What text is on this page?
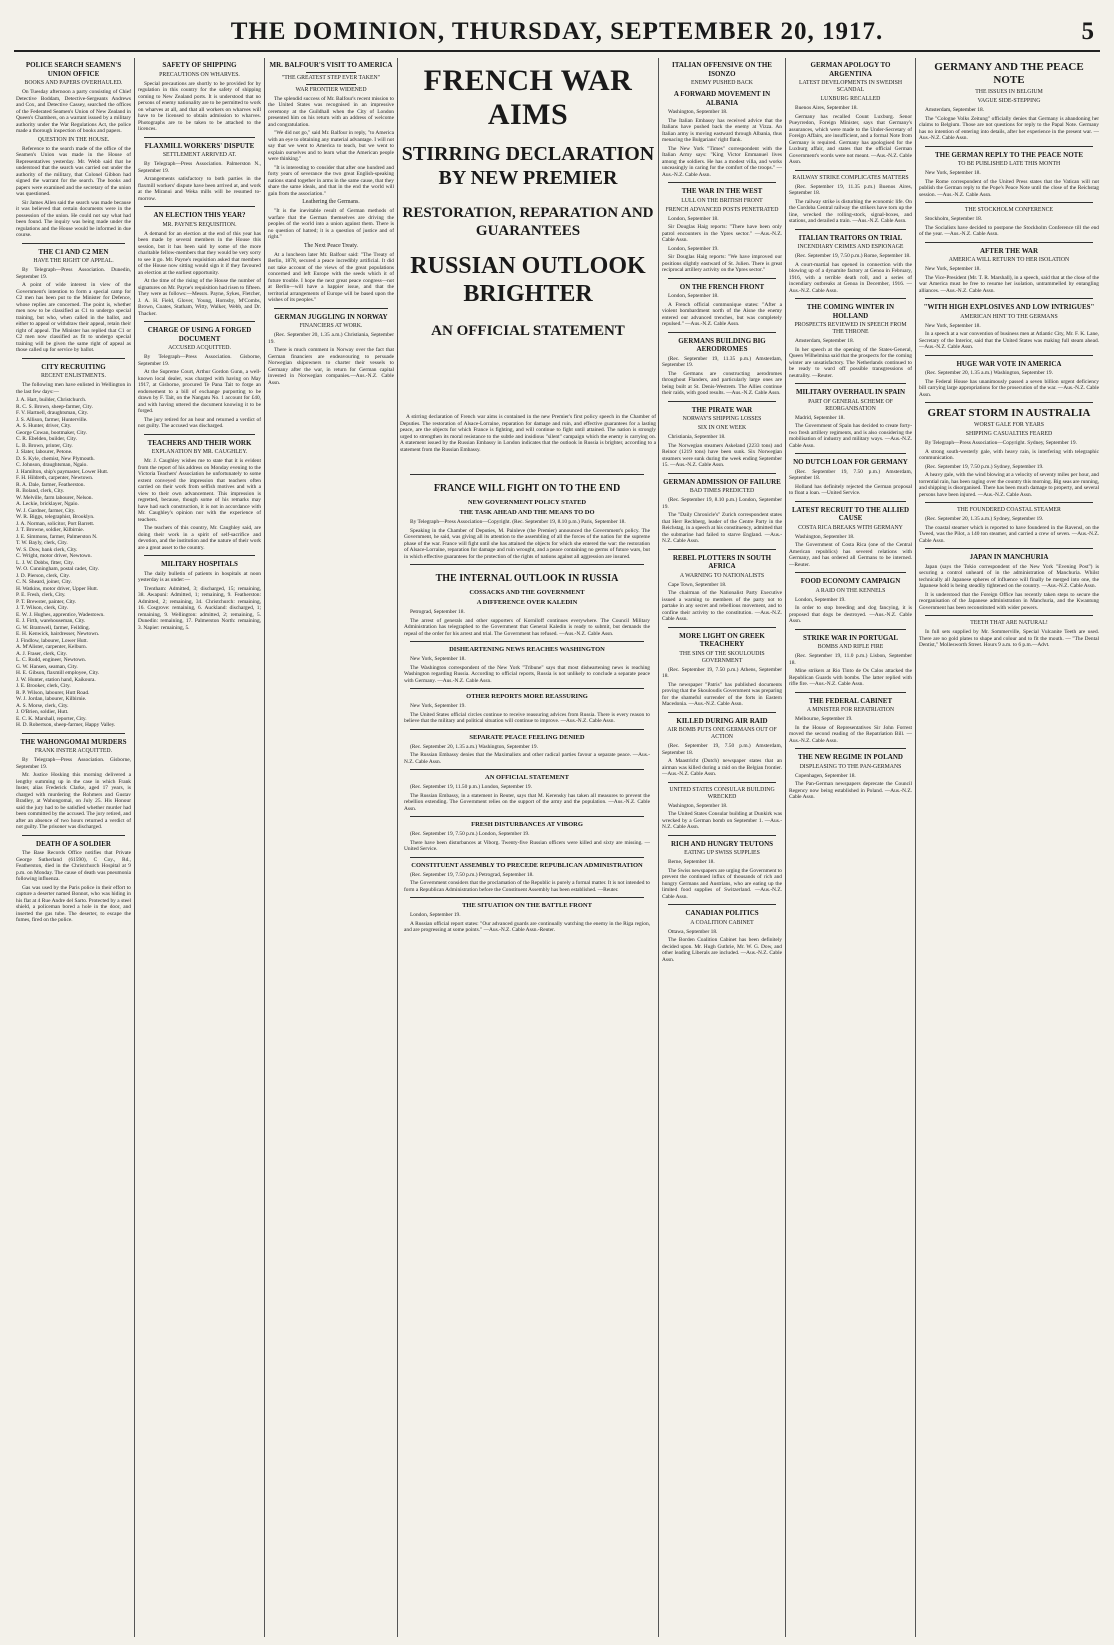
THE DOMINION, THURSDAY, SEPTEMBER 20, 1917.	5
POLICE SEARCH SEAMEN'S UNION OFFICE
BOOKS AND PAPERS OVERHAULED.

On Tuesday afternoon a party consisting of Chief Detective Boddam, Detective-Sergeants Andrews and Cox, and Detective Cassey, searched the offices of the Federated Seamen's Union of New Zealand in Queen's Chambers, on a warrant issued by a military authority under the War Regulations Act, the police made a thorough inspection of books and papers.

QUESTION IN THE HOUSE.

Reference to the search made of the office of the Seamen's Union was made in the House of Representatives yesterday. Mr. Webb said that he understood that the search was carried out under the authority of the military, that Colonel Gibbon had signed the warrant for the search. The books and papers were examined and the secretary of the union was questioned.

Sir James Allen said the search was made because it was believed that certain documents were in the possession of the union. He could not say what had been found. The inquiry was being made under the regulations and the House would be informed in due course.

THE C1 AND C2 MEN
HAVE THE RIGHT OF APPEAL.

By Telegraph—Press Association. Dunedin, September 19.

A point of wide interest in view of the Government's intention to form a special camp for C2 men has been put to the Minister for Defence, whose replies are concerned. The point is, whether men now to be classified as C1 to undergo special training, but who, when called in the ballot, and either to appeal or withdraw their appeal, retain their right of appeal. The Minister has replied that C1 or C2 men now classified as fit to undergo special training will be given the same right of appeal as those called up for service by ballot.

CITY RECRUITING
RECENT ENLISTMENTS.

The following men have enlisted in Wellington in the last few days:—

J. A. Hart, builder, Christchurch.

R. C. S. Brown, sheep-farmer, City.

F. V. Hartnell, draughtsman, City.

J. S. Allison, farmer, Hunterville.

A. S. Hunter, driver, City.

George Cowan, bootmaker, City.

C. R. Ebelden, builder, City.

L. B. Brown, printer, City.

J. Slater, labourer, Petone.

D. S. Kyle, chemist, New Plymouth.

C. Johnson, draughtsman, Ngaio.

J. Hamilton, ship's paymaster, Lower Hutt.

F. H. Hildreth, carpenter, Newtown.

R. A. Dale, farmer, Featherston.

R. Boland, clerk, City.

W. Melville, farm labourer, Nelson.

A. Leckie, bricklayer, Ngaio.

W. J. Gardner, farmer, City.

W. R. Biggs, telegraphist, Brooklyn.

J. A. Norman, solicitor, Port Barrett.

J. T. Browne, soldier, Kilbirnie.

J. E. Simmons, farmer, Palmerston N.

T. W. Bayly, clerk, City.

W. S. Dow, bank clerk, City.

C. Wright, motor driver, Newtown.

L. J. W. Dobbs, fitter, City.

W. O. Cunningham, postal cadet, City.

J. D. Pierson, clerk, City.

C. N. Sheard, joiner, City.

H. Watkins, motor driver, Upper Hutt.

P. E. Fresh, clerk, City.

P. T. Brewster, painter, City.

J. T. Wilson, clerk, City.

E. W. J. Hughes, apprentice, Wadestown.

E. J. Firth, warehouseman, City.

G. W. Bramwell, farmer, Feilding.

E. H. Kenwick, hairdresser, Newtown.

J. Findlow, labourer, Lower Hutt.

A. M'Alister, carpenter, Kelburn.

A. J. Fraser, clerk, City.

L. C. Rudd, engineer, Newtown.

G. W. Hansen, seaman, City.

H. E. Gibson, flaxmill employee, City.

J. W. Hunter, station hand, Kaikoura.

J. E. Brooker, clerk, City.

R. P. Wilson, labourer, Hutt Road.

W. J. Jordan, labourer, Kilbirnie.

A. S. Morse, clerk, City.

J. O'Brien, soldier, Hutt.

E. C. K. Marshall, reporter, City.

H. D. Robertson, sheep-farmer, Happy Valley.

THE WAHONGOMAI MURDERS
FRANK INSTER ACQUITTED.

By Telegraph—Press Association. Gisborne, September 19.

Mr. Justice Hosking this morning delivered a lengthy summing up in the case in which Frank Inster, alias Frederick Clarke, aged 17 years, is charged with murdering the Rohmers and Gustav Bradley, at Wahongomai, on July 25. His Honour said the jury had to be satisfied whether murder had been committed by the accused. The jury retired, and after an absence of two hours returned a verdict of not guilty. The prisoner was discharged.

DEATH OF A SOLDIER

The Base Records Office notifies that Private George Sutherland (61590), C Coy., Rd., Featherston, died in the Christchurch Hospital at 9 p.m. on Monday. The cause of death was pneumonia following influenza.

Gas was used by the Paris police in their effort to capture a deserter named Bonnot, who was hiding in his flat at 4 Rue Andre del Sarto. Protected by a steel shield, a policeman bored a hole in the door, and inserted the gas tube. The deserter, to escape the fumes, fired on the police.

SAFETY OF SHIPPING
PRECAUTIONS ON WHARVES.

Special precautions are shortly to be provided for by regulation in this country for the safety of shipping coming to New Zealand ports. It is understood that no persons of enemy nationality are to be permitted to work on wharves at all, and that all workers on wharves will have to be licensed to obtain admission to wharves. Photographs are to be taken to be attached to the licences.

FLAXMILL WORKERS' DISPUTE
SETTLEMENT ARRIVED AT.

By Telegraph—Press Association. Palmerston N., September 19.

Arrangements satisfactory to both parties in the flaxmill workers' dispute have been arrived at, and work at the Miranui and Weka mills will be resumed to-morrow.

AN ELECTION THIS YEAR?
MR. PAYNE'S REQUISITION.

A demand for an election at the end of this year has been made by several members in the House this session, but it has been said by some of the more charitable fellow-members that they would be very sorry to see it go. Mr. Payne's requisition asked that members of the House now sitting would sign it if they favoured an election at the earliest opportunity.

At the time of the rising of the House the number of signatures on Mr. Payne's requisition had risen to fifteen. They were as follows:—Messrs. Payne, Sykes, Fletcher, J. A. H. Field, Glover, Young, Hornsby, M'Combs, Brown, Coates, Statham, Witty, Walker, Webb, and Dr. Thacker.

CHARGE OF USING A FORGED DOCUMENT
ACCUSED ACQUITTED.

By Telegraph—Press Association. Gisborne, September 19.

At the Supreme Court, Arthur Gordon Gunn, a well-known local dealer, was charged with having on May 1917, at Gisborne, procured Te Pana Tait to forge an endorsement to a bill of exchange purporting to be drawn by F. Tait, on the Nangatu No. 1 account for £40, and with having uttered the document knowing it to be forged.

The jury retired for an hour and returned a verdict of not guilty. The accused was discharged.

TEACHERS AND THEIR WORK
EXPLANATION BY MR. CAUGHLEY.

Mr. J. Caughley wishes me to state that it is evident from the report of his address on Monday evening to the Victoria Teachers' Association he unfortunately to some extent conveyed the impression that teachers often carried on their work from selfish motives and with a view to their own advancement. This impression is regretted, because, though some of his remarks may have had such construction, it is not in accordance with Mr. Caughley's opinion nor with the experience of teachers.

The teachers of this country, Mr. Caughley said, are doing their work in a spirit of self-sacrifice and devotion, and the institution and the nature of their work are a great asset to the country.

MILITARY HOSPITALS

The daily bulletin of patients in hospitals at noon yesterday is as under:—

Trentham: Admitted, 3; discharged, 15; remaining, 38. Awapuni: Admitted, 1; remaining, 9. Featherston: Admitted, 2; remaining, 34. Christchurch: remaining, 16. Cosgrove: remaining, 6. Auckland: discharged, 1; remaining, 9. Wellington: admitted, 2; remaining, 5. Dunedin: remaining, 17. Palmerston North: remaining, 3. Napier: remaining, 5.

MR. BALFOUR'S VISIT TO AMERICA
"THE GREATEST STEP EVER TAKEN"
WAR FRONTIER WIDENED

The splendid success of Mr. Balfour's recent mission to the United States was recognised in an impressive ceremony at the Guildhall when the City of London presented him on his return with an address of welcome and congratulation.

"We did not go," said Mr. Balfour in reply, "to America with an eye to obtaining any material advantage. I will not say that we went to America to teach, but we went to explain ourselves and to learn what the American people were thinking."

"It is interesting to consider that after one hundred and forty years of severance the two great English-speaking nations stand together in arms in the same cause, that they share the same ideals, and that in the end the world will gain from the association."

Leathering the Germans.

"It is the inevitable result of German methods of warfare that the German themselves are driving the peoples of the world into a union against them. There is no question of hatred; it is a question of justice and of right."

The Next Peace Treaty.

At a luncheon later Mr. Balfour said: "The Treaty of Berlin, 1878, secured a peace incredibly artificial. It did not take account of the views of the great populations concerned and left Europe with the seeds which it of future trouble. I hope the next great peace congress—not at Berlin—will have a happier issue, and that the territorial arrangements of Europe will be based upon the wishes of its peoples."

GERMAN JUGGLING IN NORWAY
FINANCIERS AT WORK.

(Rec. September 20, 1.35 a.m.) Christiania, September 19.

There is much comment in Norway over the fact that German financiers are endeavouring to persuade Norwegian shipowners to charter their vessels to Germany after the war, in return for German capital invested in Norwegian companies.—Aus.-N.Z. Cable Assn.

FRENCH WAR AIMS
STIRRING DECLARATION BY NEW PREMIER
RESTORATION, REPARATION AND GUARANTEES
RUSSIAN OUTLOOK BRIGHTER
AN OFFICIAL STATEMENT

A stirring declaration of French war aims is contained in the new Premier's first policy speech in the Chamber of Deputies. The restoration of Alsace-Lorraine, reparation for damage and ruin, and effective guarantees for a lasting peace, are the objects for which France is fighting, and will continue to fight until attained. The nation is strongly urged to strengthen its moral resistance to the subtle and insidious "silent" campaign which the enemy is carrying on. A statement issued by the Russian Embassy in London indicates that the outlook in Russia is brighter, according to a statement from the Russian Embassy.

FRANCE WILL FIGHT ON TO THE END
NEW GOVERNMENT POLICY STATED
THE TASK AHEAD AND THE MEANS TO DO

By Telegraph—Press Association—Copyright. (Rec. September 19, 8.10 p.m.) Paris, September 18.

Speaking in the Chamber of Deputies, M. Painleve (the Premier) announced the Government's policy. The Government, he said, was giving all its attention to the assembling of all the forces of the nation for the supreme phase of the war. France will fight until she has attained the objects for which she entered the war: the restoration of Alsace-Lorraine, reparation for damage and ruin wrought, and a peace containing no germs of future wars, but in which effective guarantees for the protection of the rights of nations against all aggression are insured.

THE INTERNAL OUTLOOK IN RUSSIA
COSSACKS AND THE GOVERNMENT
A DIFFERENCE OVER KALEDIN

Petrograd, September 18.

The arrest of generals and other supporters of Korniloff continues everywhere. The Council Military Administration has telegraphed to the Government that General Kaledin is ready to submit, but demands the repeal of the order for his arrest and trial. The Government has refused. —Aus.-N.Z. Cable Assn.

DISHEARTENING NEWS REACHES WASHINGTON

New York, September 18.

The Washington correspondent of the New York "Tribune" says that most disheartening news is reaching Washington regarding Russia. According to official reports, Russia is not unlikely to conclude a separate peace with Germany. —Aus.-N.Z. Cable Assn.

OTHER REPORTS MORE REASSURING

New York, September 19.

The United States official circles continue to receive reassuring advices from Russia. There is every reason to believe that the military and political situation will continue to improve. —Aus.-N.Z. Cable Assn.

SEPARATE PEACE FEELING DENIED

(Rec. September 20, 1.35 a.m.) Washington, September 19.

The Russian Embassy denies that the Maximalists and other radical parties favour a separate peace. —Aus.-N.Z. Cable Assn.

AN OFFICIAL STATEMENT

(Rec. September 19, 11.50 p.m.) London, September 19.

The Russian Embassy, in a statement in Reuter, says that M. Kerensky has taken all measures to prevent the rebellion extending. The Government relies on the support of the army and the population. —Aus.-N.Z. Cable Assn.

FRESH DISTURBANCES AT VIBORG

(Rec. September 19, 7.50 p.m.) London, September 19.

There have been disturbances at Viborg. Twenty-five Russian officers were killed and sixty are missing. —United Service.

CONSTITUENT ASSEMBLY TO PRECEDE REPUBLICAN ADMINISTRATION

(Rec. September 19, 7.50 p.m.) Petrograd, September 18.

The Government considers that the proclamation of the Republic is purely a formal matter. It is not intended to form a Republican Administration before the Constituent Assembly has been established. —Reuter.

THE SITUATION ON THE BATTLE FRONT

London, September 19.

A Russian official report states: "Our advanced guards are continually watching the enemy in the Riga region, and are progressing at some points." —Aus.-N.Z. Cable Assn.-Reuter.

ITALIAN OFFENSIVE ON THE ISONZO
ENEMY PUSHED BACK
A FORWARD MOVEMENT IN ALBANIA

Washington, September 18.

The Italian Embassy has received advice that the Italians have pushed back the enemy at Vizza. An Italian army is moving eastward through Albania, thus menacing the Bulgarians' right flank.

The New York "Times" correspondent with the Italian Army says: "King Victor Emmanuel lives among the soldiers. He has a modest villa, and works unceasingly in caring for the comfort of the troops." —Aus.-N.Z. Cable Assn.

THE WAR IN THE WEST
LULL ON THE BRITISH FRONT
FRENCH ADVANCED POSTS PENETRATED

London, September 18.

Sir Douglas Haig reports: "There have been only patrol encounters in the Ypres sector." —Aus.-N.Z. Cable Assn.

London, September 19.

Sir Douglas Haig reports: "We have improved our positions slightly eastward of St. Julien. There is great reciprocal artillery activity on the Ypres sector."

ON THE FRENCH FRONT

London, September 18.

A French official communique states: "After a violent bombardment north of the Aisne the enemy entered our advanced trenches, but was completely repulsed." —Aus.-N.Z. Cable Assn.

GERMANS BUILDING BIG AERODROMES

(Rec. September 19, 11.35 p.m.) Amsterdam, September 19.

The Germans are constructing aerodromes throughout Flanders, and particularly large ones are being built at St. Denis-Westrem. The Allies continue their raids, with good results. —Aus.-N.Z. Cable Assn.

THE PIRATE WAR
NORWAY'S SHIPPING LOSSES
SIX IN ONE WEEK

Christiania, September 18.

The Norwegian steamers Askeland (2233 tons) and Reinor (1219 tons) have been sunk. Six Norwegian steamers were sunk during the week ending September 15. —Aus.-N.Z. Cable Assn.

GERMAN ADMISSION OF FAILURE
BAD TIMES PREDICTED

(Rec. September 19, 8.10 p.m.) London, September 19.

The "Daily Chronicle's" Zurich correspondent states that Herr Rechberg, leader of the Centre Party in the Reichstag, in a speech at his constituency, admitted that the submarine had failed to starve England. —Aus.-N.Z. Cable Assn.

REBEL PLOTTERS IN SOUTH AFRICA
A WARNING TO NATIONALISTS

Cape Town, September 18.

The chairman of the Nationalist Party Executive issued a warning to members of the party not to partake in any secret and rebellious movement, and to confine their activity to the constitution. —Aus.-N.Z. Cable Assn.

MORE LIGHT ON GREEK TREACHERY
THE SINS OF THE SKOULOUDIS GOVERNMENT

(Rec. September 19, 7.50 p.m.) Athens, September 18.

The newspaper "Patris" has published documents proving that the Skouloudis Government was preparing for the shameful surrender of the forts in Eastern Macedonia. —Aus.-N.Z. Cable Assn.

KILLED DURING AIR RAID
AIR BOMB PUTS ONE GERMANS OUT OF ACTION

(Rec. September 19, 7.50 p.m.) Amsterdam, September 18.

A Maastricht (Dutch) newspaper states that an airman was killed during a raid on the Belgian frontier. —Aus.-N.Z. Cable Assn.

UNITED STATES CONSULAR BUILDING WRECKED

Washington, September 18.

The United States Consular building at Dunkirk was wrecked by a German bomb on September 1. —Aus.-N.Z. Cable Assn.

RICH AND HUNGRY TEUTONS
EATING UP SWISS SUPPLIES

Berne, September 18.

The Swiss newspapers are urging the Government to prevent the continued influx of thousands of rich and hungry Germans and Austrians, who are eating up the limited food supplies of Switzerland. —Aus.-N.Z. Cable Assn.

CANADIAN POLITICS
A COALITION CABINET

Ottawa, September 18.

The Borden Coalition Cabinet has been definitely decided upon. Mr. Hugh Guthrie, Mr. W. G. Dow, and other leading Liberals are included. —Aus.-N.Z. Cable Assn.

GERMAN APOLOGY TO ARGENTINA
LATEST DEVELOPMENTS IN SWEDISH SCANDAL
LUXBURG RECALLED

Buenos Aires, September 18.

Germany has recalled Count Luxburg. Senor Pueyrredon, Foreign Minister, says that Germany's assurances, which were made to the Under-Secretary of Foreign Affairs, are insufficient, and a formal Note from Germany is required. Germany has apologised for the Luxburg affair, and states that the official German Government's words were not meant. —Aus.-N.Z. Cable Assn.

RAILWAY STRIKE COMPLICATES MATTERS

(Rec. September 19, 11.35 p.m.) Buenos Aires, September 18.

The railway strike is disturbing the economic life. On the Cordoba Central railway the strikers have torn up the line, wrecked the rolling-stock, signal-boxes, and stations, and derailed a train. —Aus.-N.Z. Cable Assn.

ITALIAN TRAITORS ON TRIAL
INCENDIARY CRIMES AND ESPIONAGE

(Rec. September 19, 7.50 p.m.) Rome, September 18.

A court-martial has opened in connection with the blowing up of a dynamite factory at Genoa in February, 1916, with a terrible death roll, and a series of incendiary outbreaks at Genoa in December, 1916. —Aus.-N.Z. Cable Assn.

THE COMING WINTER IN HOLLAND
PROSPECTS REVIEWED IN SPEECH FROM THE THRONE

Amsterdam, September 18.

In her speech at the opening of the States-General, Queen Wilhelmina said that the prospects for the coming winter are unsatisfactory. The Netherlands continued to be ready to ward off possible transgressions of neutrality. —Reuter.

MILITARY OVERHAUL IN SPAIN
PART OF GENERAL SCHEME OF REORGANISATION

Madrid, September 18.

The Government of Spain has decided to create forty-two fresh artillery regiments, and is also considering the mobilisation of industry and military ways. —Aus.-N.Z. Cable Assn.

NO DUTCH LOAN FOR GERMANY

(Rec. September 19, 7.50 p.m.) Amsterdam, September 18.

Holland has definitely rejected the German proposal to float a loan. —United Service.

LATEST RECRUIT TO THE ALLIED CAUSE
COSTA RICA BREAKS WITH GERMANY

Washington, September 18.

The Government of Costa Rica (one of the Central American republics) has severed relations with Germany, and has ordered all Germans to be interned. —Reuter.

FOOD ECONOMY CAMPAIGN
A RAID ON THE KENNELS

London, September 19.

In order to stop breeding and dog fancying, it is proposed that dogs be destroyed. —Aus.-N.Z. Cable Assn.

STRIKE WAR IN PORTUGAL
BOMBS AND RIFLE FIRE

(Rec. September 19, 11.0 p.m.) Lisbon, September 18.

Mine strikers at Rio Tinto de Os Calos attacked the Republican Guards with bombs. The latter replied with rifle fire. —Aus.-N.Z. Cable Assn.

THE FEDERAL CABINET
A MINISTER FOR REPATRIATION

Melbourne, September 19.

In the House of Representatives Sir John Forrest moved the second reading of the Repatriation Bill. —Aus.-N.Z. Cable Assn.

THE NEW REGIME IN POLAND
DISPLEASING TO THE PAN-GERMANS

Copenhagen, September 18.

The Pan-German newspapers deprecate the Council Regency now being established in Poland. —Aus.-N.Z. Cable Assn.

GERMANY AND THE PEACE NOTE
THE ISSUES IN BELGIUM
VAGUE SIDE-STEPPING

Amsterdam, September 18.

The "Cologne Volks Zeitung" officially denies that Germany is abandoning her claims to Belgium. Those are not questions for reply to the Papal Note. Germany has no intention of entering into details, after her experience in the present war. —Aus.-N.Z. Cable Assn.

THE GERMAN REPLY TO THE PEACE NOTE
TO BE PUBLISHED LATE THIS MONTH

New York, September 18.

The Rome correspondent of the United Press states that the Vatican will not publish the German reply to the Pope's Peace Note until the close of the Reichstag session. —Aus.-N.Z. Cable Assn.

THE STOCKHOLM CONFERENCE

Stockholm, September 18.

The Socialists have decided to postpone the Stockholm Conference till the end of the year. —Aus.-N.Z. Cable Assn.

AFTER THE WAR
AMERICA WILL RETURN TO HER ISOLATION

New York, September 18.

The Vice-President (Mr. T. R. Marshall), in a speech, said that at the close of the war America must be free to resume her isolation, untrammelled by entangling alliances. —Aus.-N.Z. Cable Assn.

"WITH HIGH EXPLOSIVES AND LOW INTRIGUES"
AMERICAN HINT TO THE GERMANS

New York, September 18.

In a speech at a war convention of business men at Atlantic City, Mr. F. K. Lane, Secretary of the Interior, said that the United States was making full steam ahead. —Aus.-N.Z. Cable Assn.

HUGE WAR VOTE IN AMERICA

(Rec. September 20, 1.35 a.m.) Washington, September 19.

The Federal House has unanimously passed a seven billion urgent deficiency bill carrying large appropriations for the prosecution of the war. —Aus.-N.Z. Cable Assn.

GREAT STORM IN AUSTRALIA
WORST GALE FOR YEARS
SHIPPING CASUALTIES FEARED

By Telegraph—Press Association—Copyright. Sydney, September 19.

A strong south-westerly gale, with heavy rain, is interfering with telegraphic communication.

(Rec. September 19, 7.50 p.m.) Sydney, September 19.

A heavy gale, with the wind blowing at a velocity of seventy miles per hour, and torrential rain, has been raging over the country this morning. Big seas are running, and shipping is disorganised. There has been much damage to property, and several persons have been injured. —Aus.-N.Z. Cable Assn.

THE FOUNDERED COASTAL STEAMER

(Rec. September 20, 1.35 a.m.) Sydney, September 19.

The coastal steamer which is reported to have foundered in the Ravensl, on the Tweed, was the Pilot, a 140 ton steamer, and carried a crew of seven. —Aus.-N.Z. Cable Assn.

JAPAN IN MANCHURIA

Japan (says the Tokio correspondent of the New York "Evening Post") is securing a control unheard of in the administration of Manchuria. Whilst technically all Japanese spheres of influence will finally be merged into one, the Japanese hold is being steadily tightened on the country. —Aus.-N.Z. Cable Assn.

It is understood that the Foreign Office has recently taken steps to secure the reorganisation of the Japanese administration in Manchuria, and the Kwantung Government has been reconstituted with wider powers.

TEETH THAT ARE NATURAL!

In full sets supplied by Mr. Sommerville, Special Vulcanite Teeth are used. There are no gold plates to shape and colour and to fit the mouth. — "The Dental Dentist," Mollesworth Street. Hours 9 a.m. to 6 p.m.—Advt.
